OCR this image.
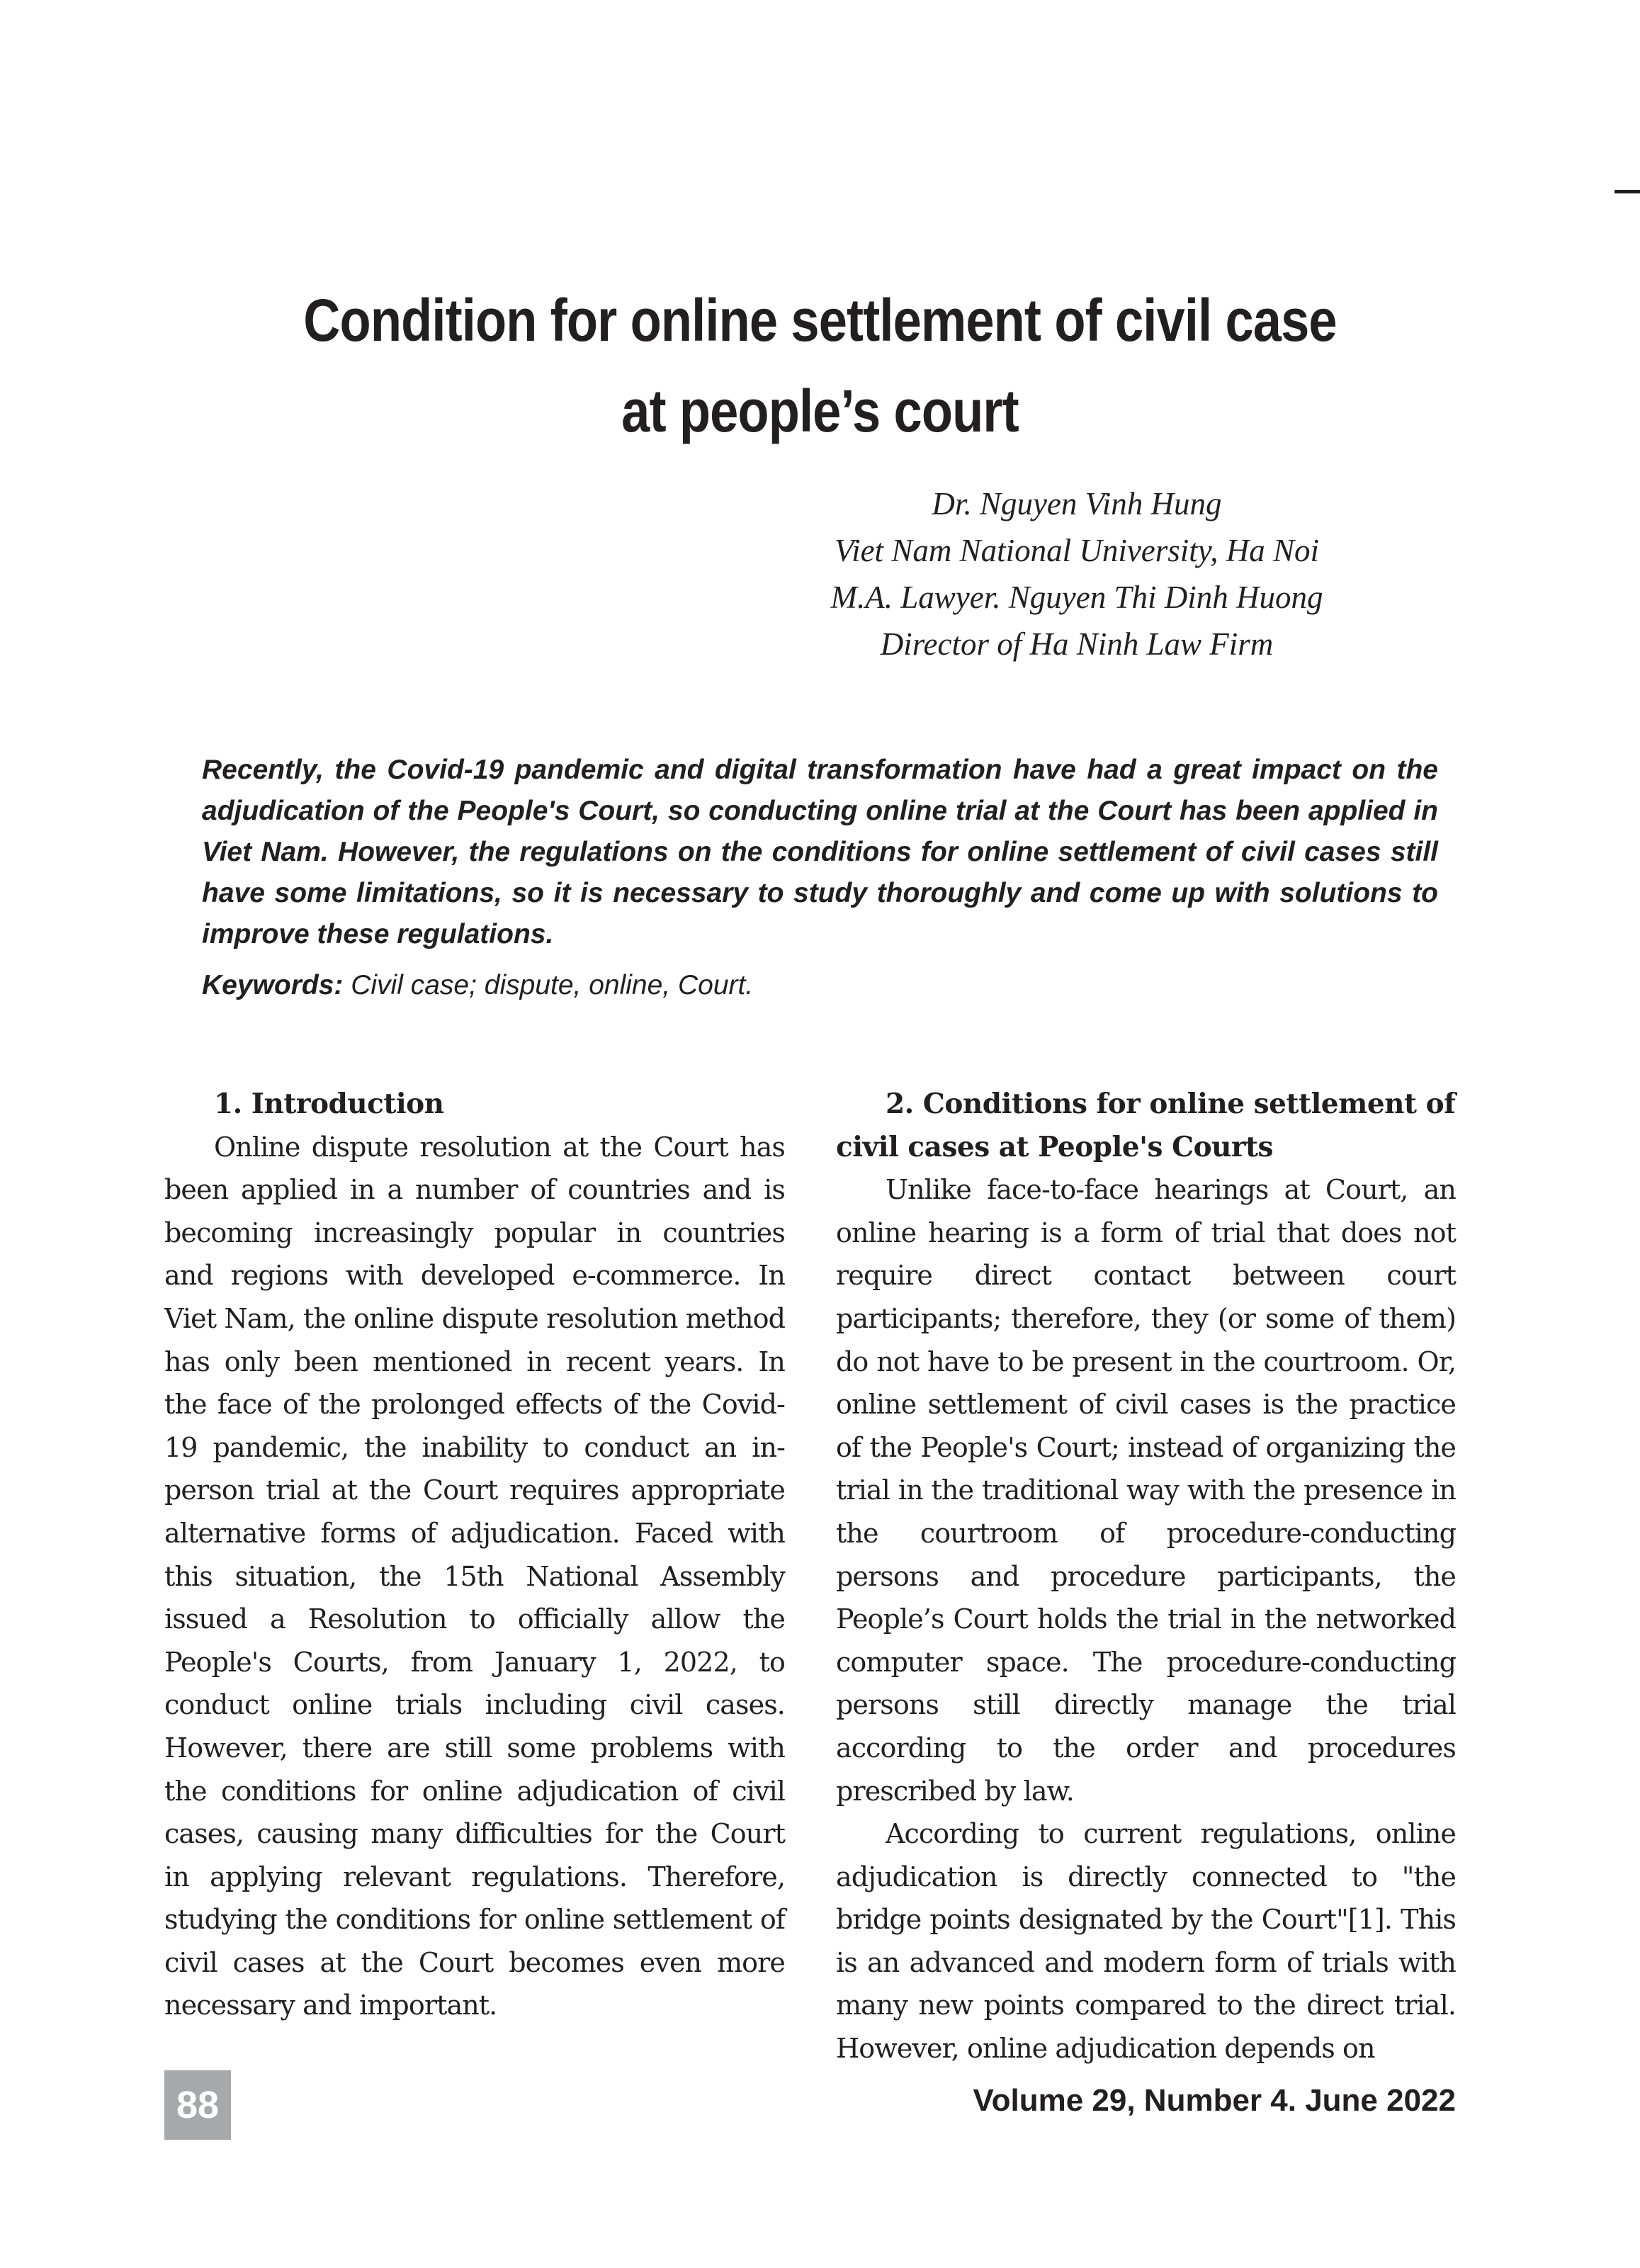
Condition for online settlement of civil case
at people’s court
Dr. Nguyen Vinh Hung
Viet Nam National University, Ha Noi
M.A. Lawyer. Nguyen Thi Dinh Huong
Director of Ha Ninh Law Firm
Recently, the Covid-19 pandemic and digital transformation have had a great impact on the adjudication of the People's Court, so conducting online trial at the Court has been applied in Viet Nam. However, the regulations on the conditions for online settlement of civil cases still have some limitations, so it is necessary to study thoroughly and come up with solutions to improve these regulations.
Keywords: Civil case; dispute, online, Court.
1. Introduction

Online dispute resolution at the Court has been applied in a number of countries and is becoming increasingly popular in countries and regions with developed e-commerce. In Viet Nam, the online dispute resolution method has only been mentioned in recent years. In the face of the prolonged effects of the Covid-19 pandemic, the inability to conduct an in-person trial at the Court requires appropriate alternative forms of adjudication. Faced with this situation, the 15th National Assembly issued a Resolution to officially allow the People's Courts, from January 1, 2022, to conduct online trials including civil cases. However, there are still some problems with the conditions for online adjudication of civil cases, causing many difficulties for the Court in applying relevant regulations. Therefore, studying the conditions for online settlement of civil cases at the Court becomes even more necessary and important.

2. Conditions for online settlement of civil cases at People's Courts

Unlike face-to-face hearings at Court, an online hearing is a form of trial that does not require direct contact between court participants; therefore, they (or some of them) do not have to be present in the courtroom. Or, online settlement of civil cases is the practice of the People's Court; instead of organizing the trial in the traditional way with the presence in the courtroom of procedure-conducting persons and procedure participants, the People’s Court holds the trial in the networked computer space. The procedure-conducting persons still directly manage the trial according to the order and procedures prescribed by law.

According to current regulations, online adjudication is directly connected to "the bridge points designated by the Court"[1]. This is an advanced and modern form of trials with many new points compared to the direct trial. However, online adjudication depends on

88	Volume 29, Number 4. June 2022
